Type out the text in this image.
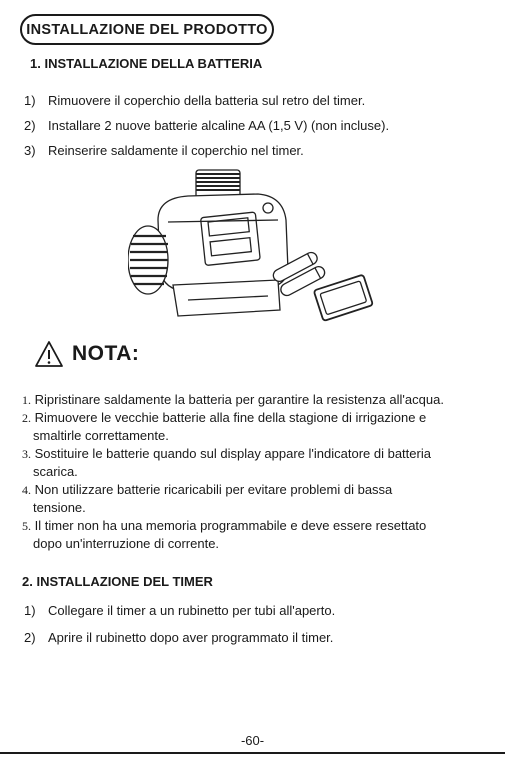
INSTALLAZIONE DEL PRODOTTO
1. INSTALLAZIONE DELLA BATTERIA
1) Rimuovere il coperchio della batteria sul retro del timer.
2) Installare 2 nuove batterie alcaline AA (1,5 V) (non incluse).
3) Reinserire saldamente il coperchio nel timer.
NOTA:
1. Ripristinare saldamente la batteria per garantire la resistenza all'acqua.
2. Rimuovere le vecchie batterie alla fine della stagione di irrigazione e
smaltirle correttamente.
3. Sostituire le batterie quando sul display appare l'indicatore di batteria
scarica.
4. Non utilizzare batterie ricaricabili per evitare problemi di bassa
tensione.
5. Il timer non ha una memoria programmabile e deve essere resettato
dopo un'interruzione di corrente.
2. INSTALLAZIONE DEL TIMER
1) Collegare il timer a un rubinetto per tubi all'aperto.
2) Aprire il rubinetto dopo aver programmato il timer.
-60-
